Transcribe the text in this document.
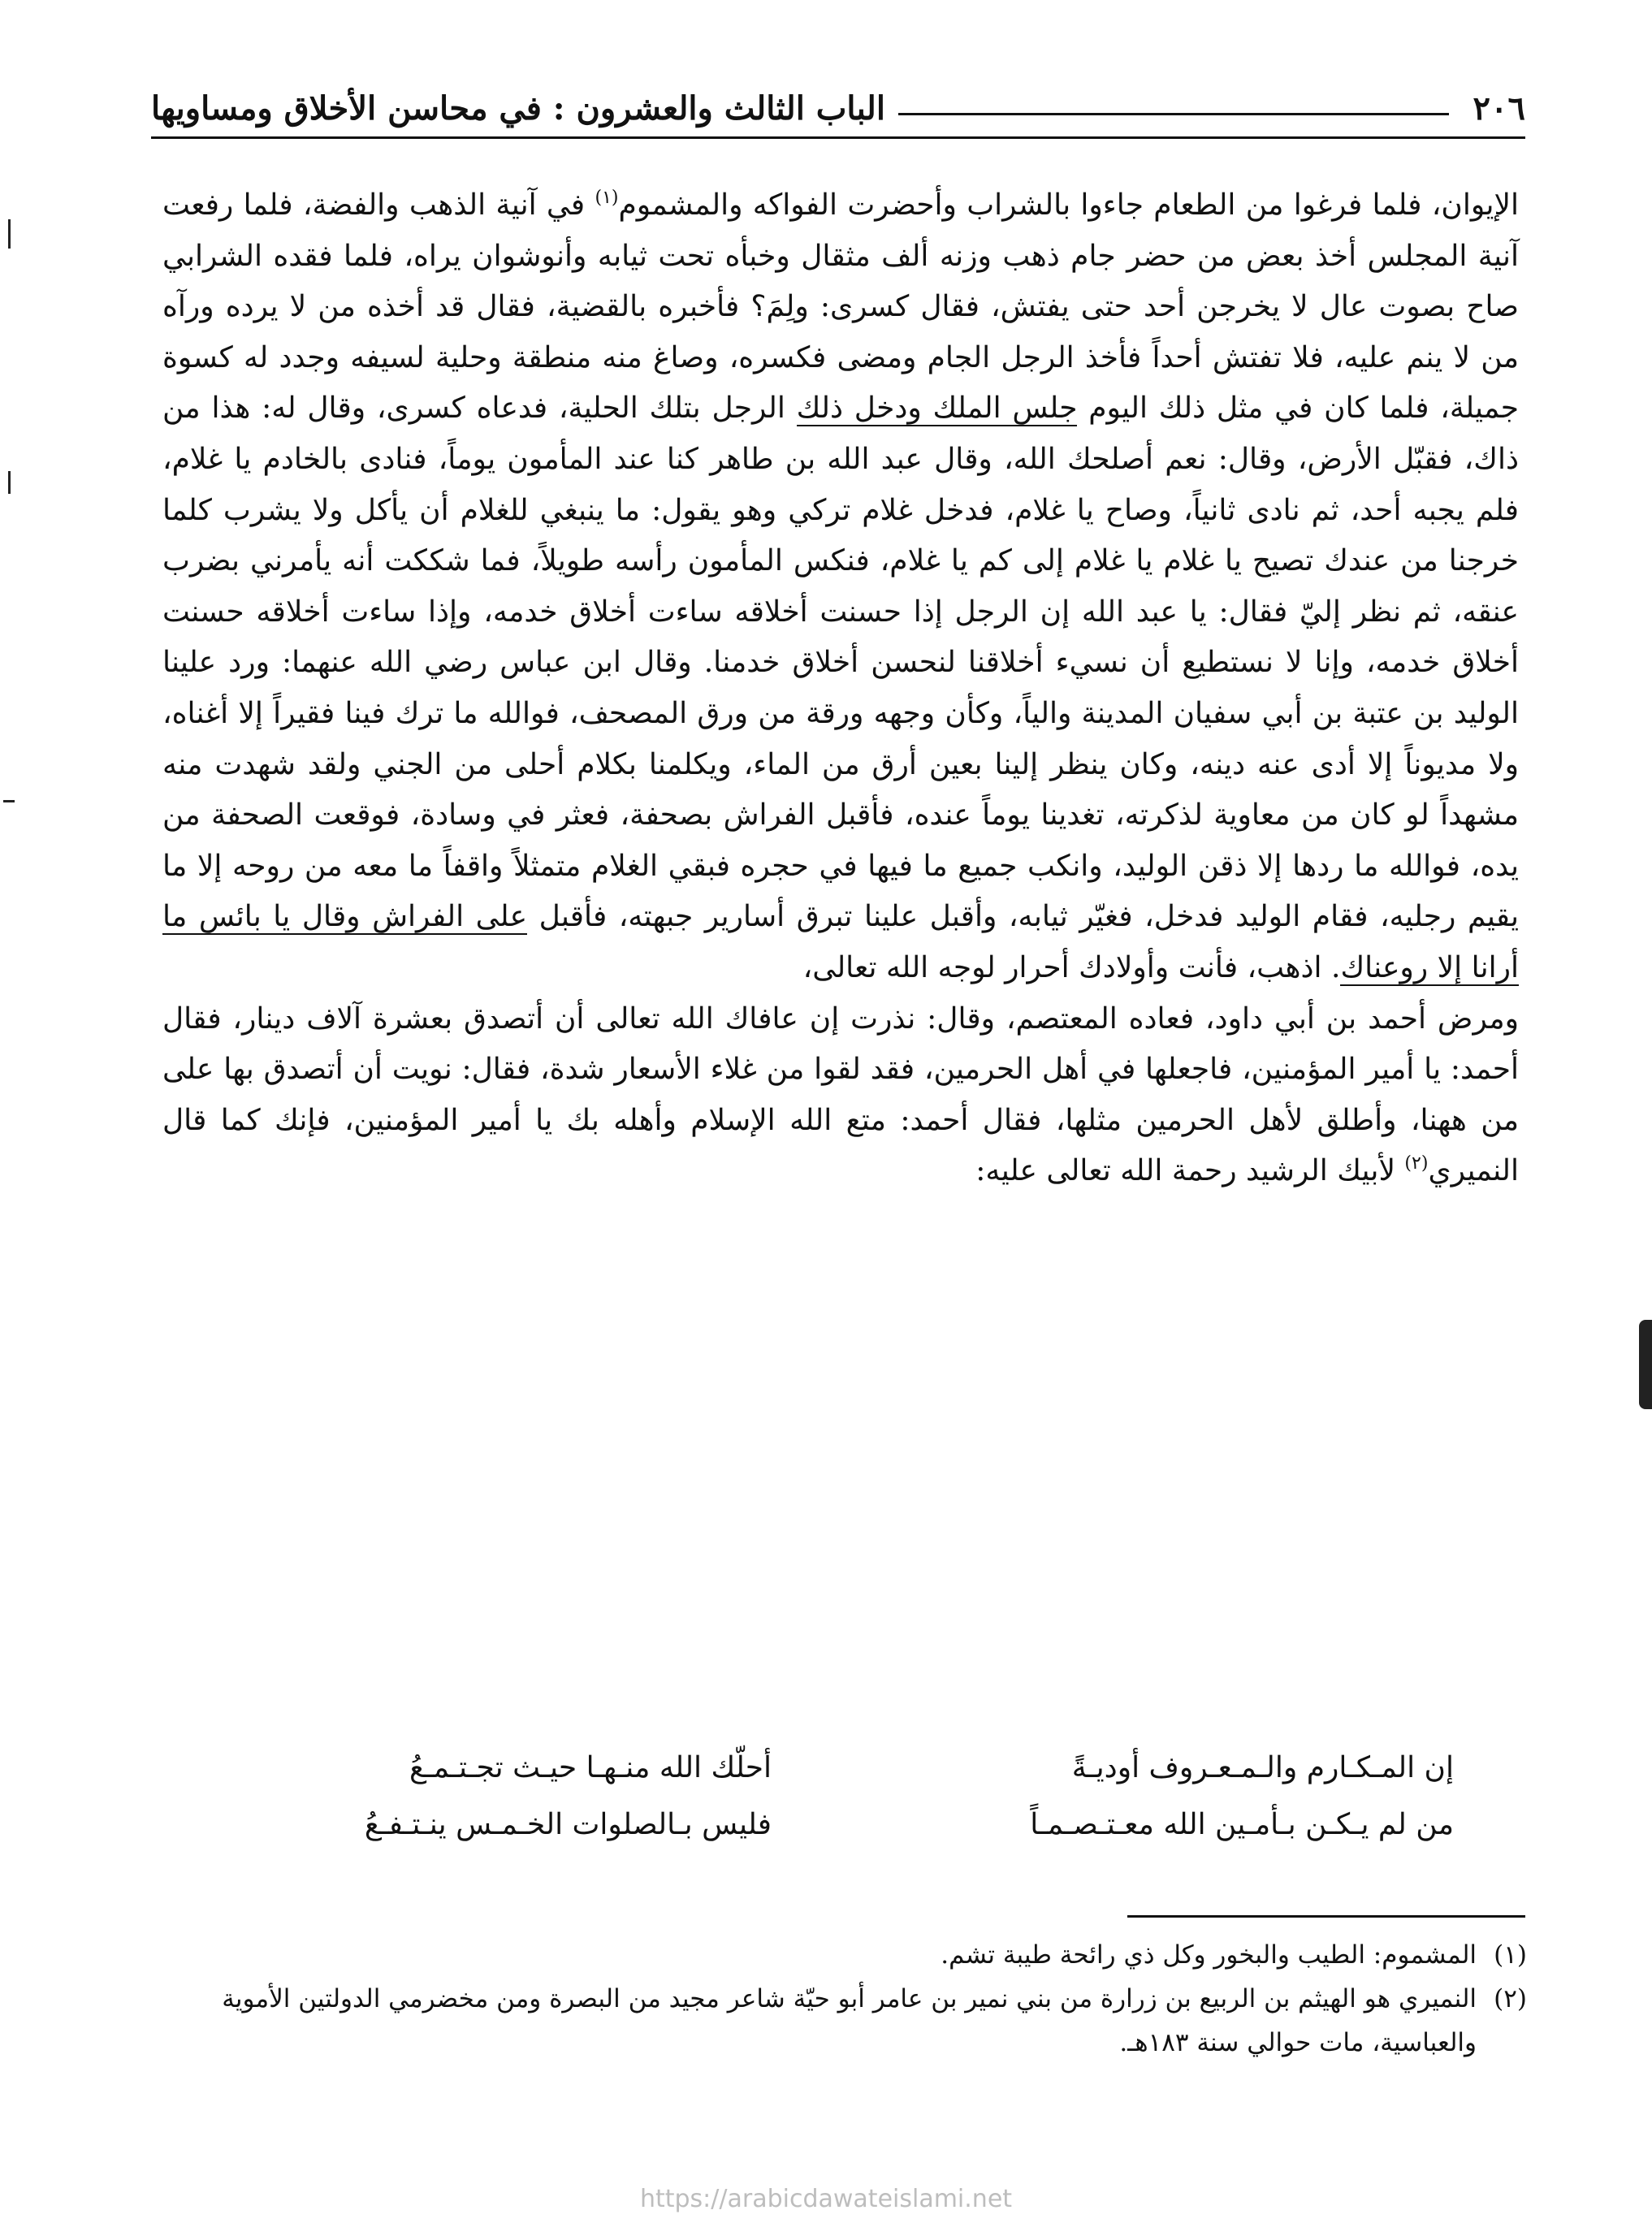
٢٠٦
الباب الثالث والعشرون : في محاسن الأخلاق ومساويها

الإيوان، فلما فرغوا من الطعام جاءوا بالشراب وأحضرت الفواكه والمشموم$^{(١)}$ في آنية الذهب والفضة، فلما رفعت آنية المجلس أخذ بعض من حضر جام ذهب وزنه ألف مثقال وخبأه تحت ثيابه وأنوشوان يراه، فلما فقده الشرابي صاح بصوت عال لا يخرجن أحد حتى يفتش، فقال كسرى: ولِمَ؟ فأخبره بالقضية، فقال قد أخذه من لا يرده ورآه من لا ينم عليه، فلا تفتش أحداً فأخذ الرجل الجام ومضى فكسره، وصاغ منه منطقة وحلية لسيفه وجدد له كسوة جميلة، فلما كان في مثل ذلك اليوم جلس الملك ودخل ذلك الرجل بتلك الحلية، فدعاه كسرى، وقال له: هذا من ذاك، فقبّل الأرض، وقال: نعم أصلحك الله، وقال عبد الله بن طاهر كنا عند المأمون يوماً، فنادى بالخادم يا غلام، فلم يجبه أحد، ثم نادى ثانياً، وصاح يا غلام، فدخل غلام تركي وهو يقول: ما ينبغي للغلام أن يأكل ولا يشرب كلما خرجنا من عندك تصيح يا غلام يا غلام إلى كم يا غلام، فنكس المأمون رأسه طويلاً، فما شككت أنه يأمرني بضرب عنقه، ثم نظر إليّ فقال: يا عبد الله إن الرجل إذا حسنت أخلاقه ساءت أخلاق خدمه، وإذا ساءت أخلاقه حسنت أخلاق خدمه، وإنا لا نستطيع أن نسيء أخلاقنا لنحسن أخلاق خدمنا. وقال ابن عباس رضي الله عنهما: ورد علينا الوليد بن عتبة بن أبي سفيان المدينة والياً، وكأن وجهه ورقة من ورق المصحف، فوالله ما ترك فينا فقيراً إلا أغناه، ولا مديوناً إلا أدى عنه دينه، وكان ينظر إلينا بعين أرق من الماء، ويكلمنا بكلام أحلى من الجني ولقد شهدت منه مشهداً لو كان من معاوية لذكرته، تغدينا يوماً عنده، فأقبل الفراش بصحفة، فعثر في وسادة، فوقعت الصحفة من يده، فوالله ما ردها إلا ذقن الوليد، وانكب جميع ما فيها في حجره فبقي الغلام متمثلاً واقفاً ما معه من روحه إلا ما يقيم رجليه، فقام الوليد فدخل، فغيّر ثيابه، وأقبل علينا تبرق أسارير جبهته، فأقبل على الفراش وقال يا بائس ما أرانا إلا روعناك. اذهب، فأنت وأولادك أحرار لوجه الله تعالى،

ومرض أحمد بن أبي داود، فعاده المعتصم، وقال: نذرت إن عافاك الله تعالى أن أتصدق بعشرة آلاف دينار، فقال أحمد: يا أمير المؤمنين، فاجعلها في أهل الحرمين، فقد لقوا من غلاء الأسعار شدة، فقال: نويت أن أتصدق بها على من ههنا، وأطلق لأهل الحرمين مثلها، فقال أحمد: متع الله الإسلام وأهله بك يا أمير المؤمنين، فإنك كما قال النميري$^{(٢)}$ لأبيك الرشيد رحمة الله تعالى عليه:

إن المـكـارم والـمـعـروف أوديـةً
أحلّك الله منـهـا حيـث تجـتـمـعُ
من لم يـكـن بـأمـين الله معـتـصـمـاً
فليس بـالصلوات الخـمـس ينـتـفـعُ
(١)
المشموم: الطيب والبخور وكل ذي رائحة طيبة تشم.
(٢)
النميري هو الهيثم بن الربيع بن زرارة من بني نمير بن عامر أبو حيّة شاعر مجيد من البصرة ومن مخضرمي الدولتين الأموية والعباسية، مات حوالي سنة ١٨٣هـ.
https://arabicdawateislami.net
